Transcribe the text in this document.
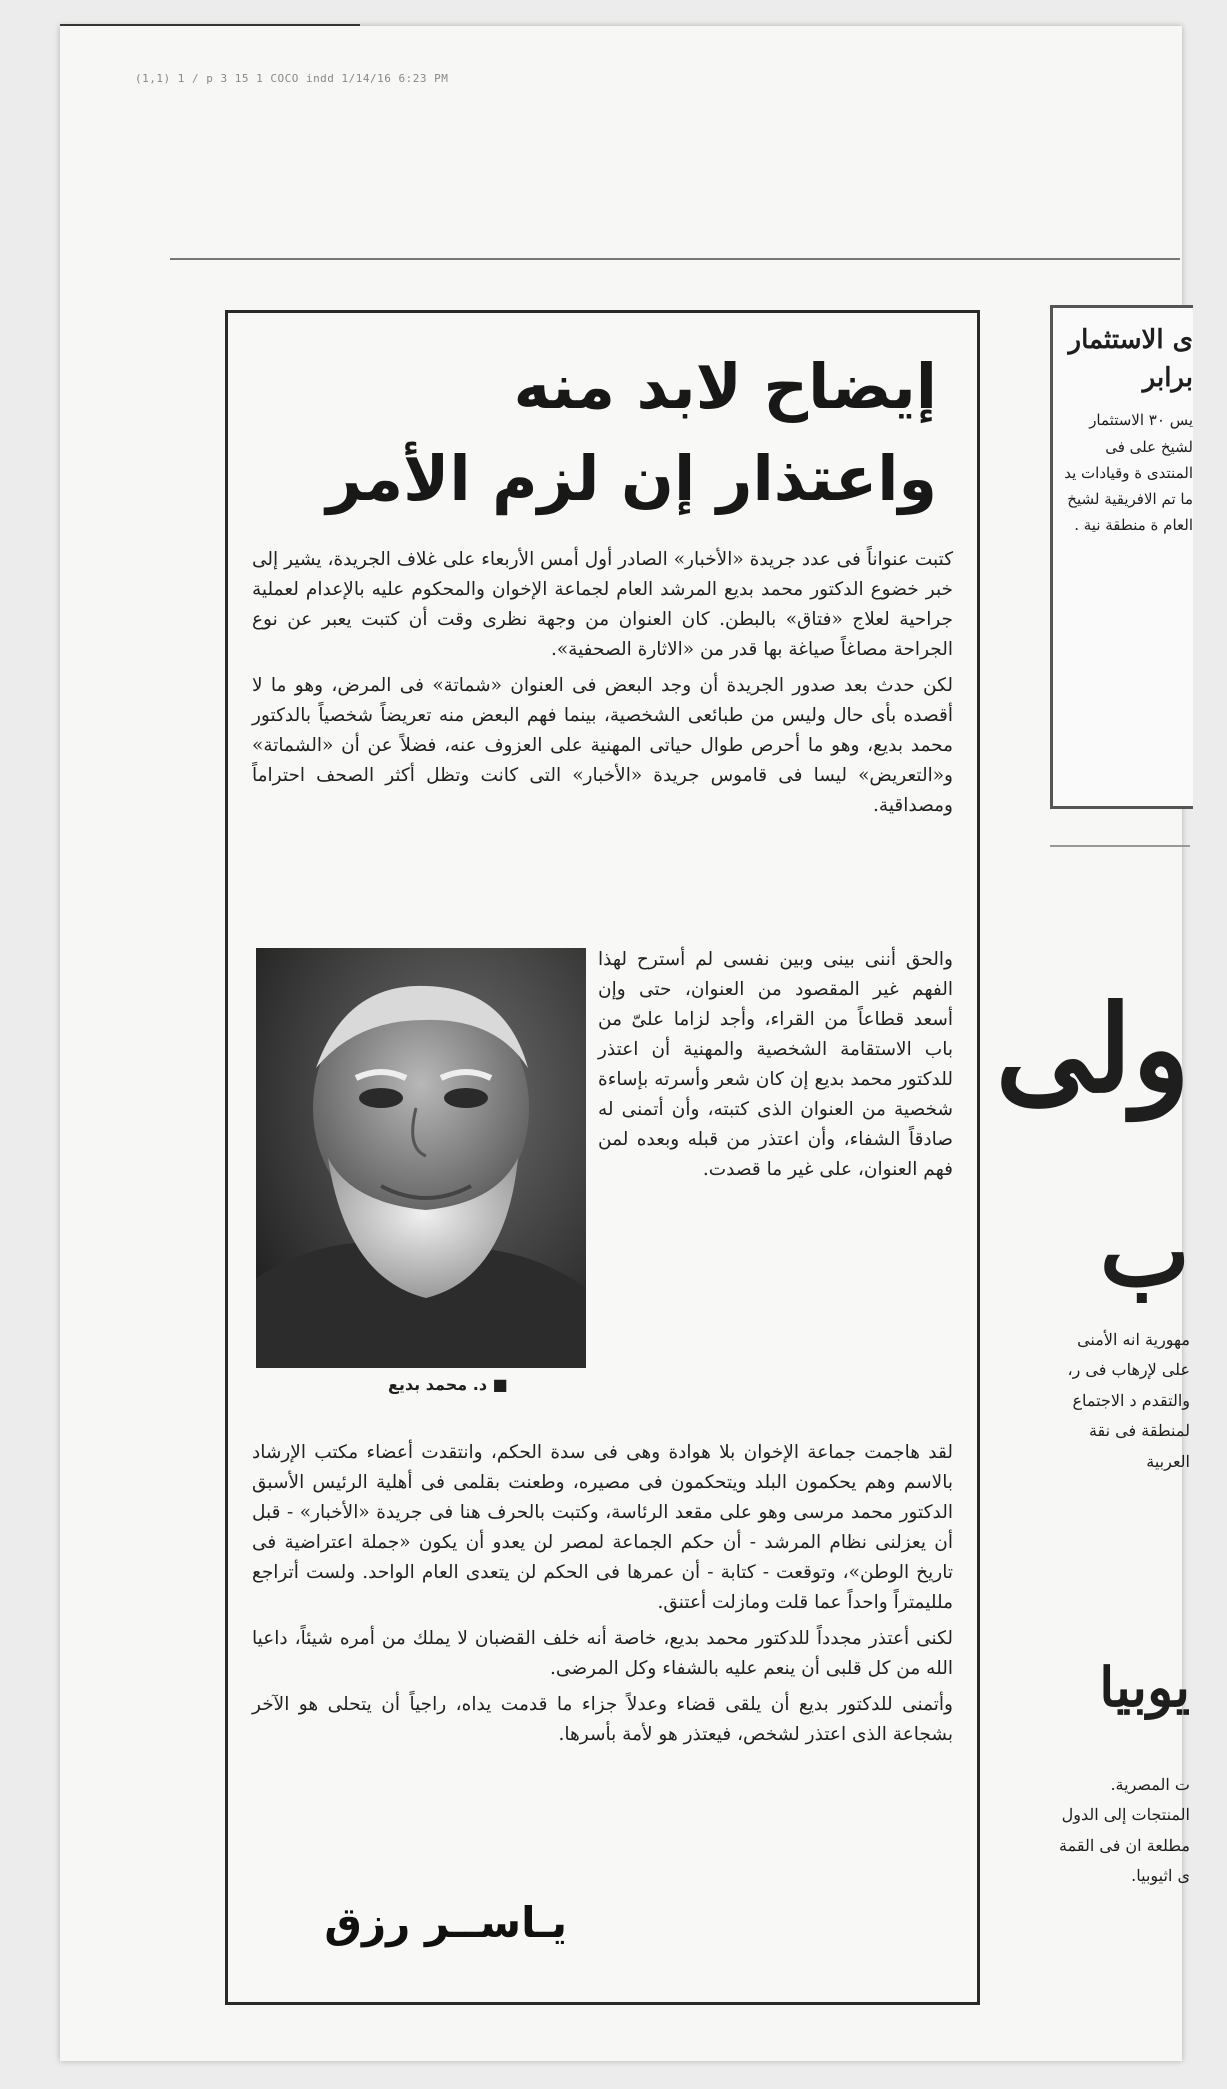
(1,1) 1 / p 3 15 1 COCO indd 1/14/16 6:23 PM
ى الاستثمار برابر
يس ٣٠ الاستثمار لشيخ على فى المنتدى ة وقيادات يد ما تم الافريقية لشيخ العام ة منطقة نية .
ولى
ب
مهورية انه الأمنى على لإرهاب فى ر، والتقدم د الاجتماع لمنطقة فى نقة العربية
يوبيا
ت المصرية. المنتجات إلى الدول مطلعة ان فى القمة ى اثيوبيا.
إيضاح لابد منه
واعتذار إن لزم الأمر

كتبت عنواناً فى عدد جريدة «الأخبار» الصادر أول أمس الأربعاء على غلاف الجريدة، يشير إلى خبر خضوع الدكتور محمد بديع المرشد العام لجماعة الإخوان والمحكوم عليه بالإعدام لعملية جراحية لعلاج «فتاق» بالبطن. كان العنوان من وجهة نظرى وقت أن كتبت يعبر عن نوع الجراحة مصاغاً صياغة بها قدر من «الاثارة الصحفية».

لكن حدث بعد صدور الجريدة أن وجد البعض فى العنوان «شماتة» فى المرض، وهو ما لا أقصده بأى حال وليس من طبائعى الشخصية، بينما فهم البعض منه تعريضاً شخصياً بالدكتور محمد بديع، وهو ما أحرص طوال حياتى المهنية على العزوف عنه، فضلاً عن أن «الشماتة» و«التعريض» ليسا فى قاموس جريدة «الأخبار» التى كانت وتظل أكثر الصحف احتراماً ومصداقية.

■ د. محمد بديع

والحق أننى بينى وبين نفسى لم أسترح لهذا الفهم غير المقصود من العنوان، حتى وإن أسعد قطاعاً من القراء، وأجد لزاما علىّ من باب الاستقامة الشخصية والمهنية أن اعتذر للدكتور محمد بديع إن كان شعر وأسرته بإساءة شخصية من العنوان الذى كتبته، وأن أتمنى له صادقاً الشفاء، وأن اعتذر من قبله وبعده لمن فهم العنوان، على غير ما قصدت.

لقد هاجمت جماعة الإخوان بلا هوادة وهى فى سدة الحكم، وانتقدت أعضاء مكتب الإرشاد بالاسم وهم يحكمون البلد ويتحكمون فى مصيره، وطعنت بقلمى فى أهلية الرئيس الأسبق الدكتور محمد مرسى وهو على مقعد الرئاسة، وكتبت بالحرف هنا فى جريدة «الأخبار» - قبل أن يعزلنى نظام المرشد - أن حكم الجماعة لمصر لن يعدو أن يكون «جملة اعتراضية فى تاريخ الوطن»، وتوقعت - كتابة - أن عمرها فى الحكم لن يتعدى العام الواحد. ولست أتراجع ملليمتراً واحداً عما قلت ومازلت أعتنق.

لكنى أعتذر مجدداً للدكتور محمد بديع، خاصة أنه خلف القضبان لا يملك من أمره شيئاً، داعيا الله من كل قلبى أن ينعم عليه بالشفاء وكل المرضى.

وأتمنى للدكتور بديع أن يلقى قضاء وعدلاً جزاء ما قدمت يداه، راجياً أن يتحلى هو الآخر بشجاعة الذى اعتذر لشخص، فيعتذر هو لأمة بأسرها.

يـاســر رزق
